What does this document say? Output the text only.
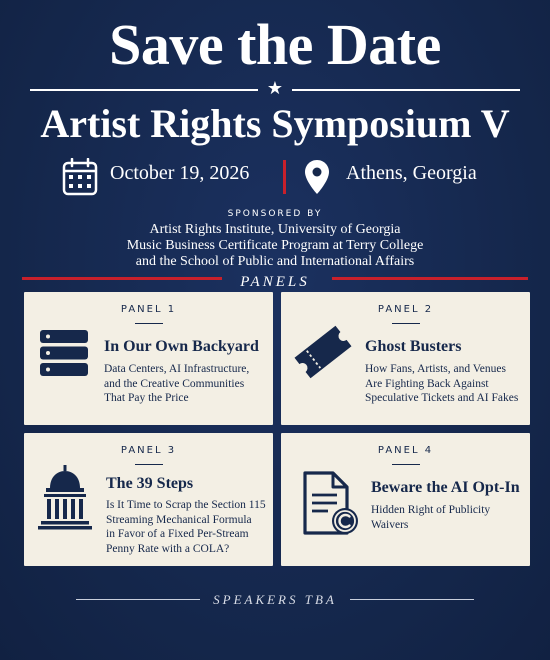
Save the Date
★
Artist Rights Symposium V
October 19, 2026	Athens, Georgia
SPONSORED BY
Artist Rights Institute, University of Georgia
Music Business Certificate Program at Terry College
and the School of Public and International Affairs
PANELS
PANEL 1
In Our Own Backyard
Data Centers, AI Infrastructure,
and the Creative Communities
That Pay the Price
PANEL 2
Ghost Busters
How Fans, Artists, and Venues
Are Fighting Back Against
Speculative Tickets and AI Fakes
PANEL 3
The 39 Steps
Is It Time to Scrap the Section 115
Streaming Mechanical Formula
in Favor of a Fixed Per-Stream
Penny Rate with a COLA?
PANEL 4
Beware the AI Opt-In
Hidden Right of Publicity
Waivers
SPEAKERS TBA
